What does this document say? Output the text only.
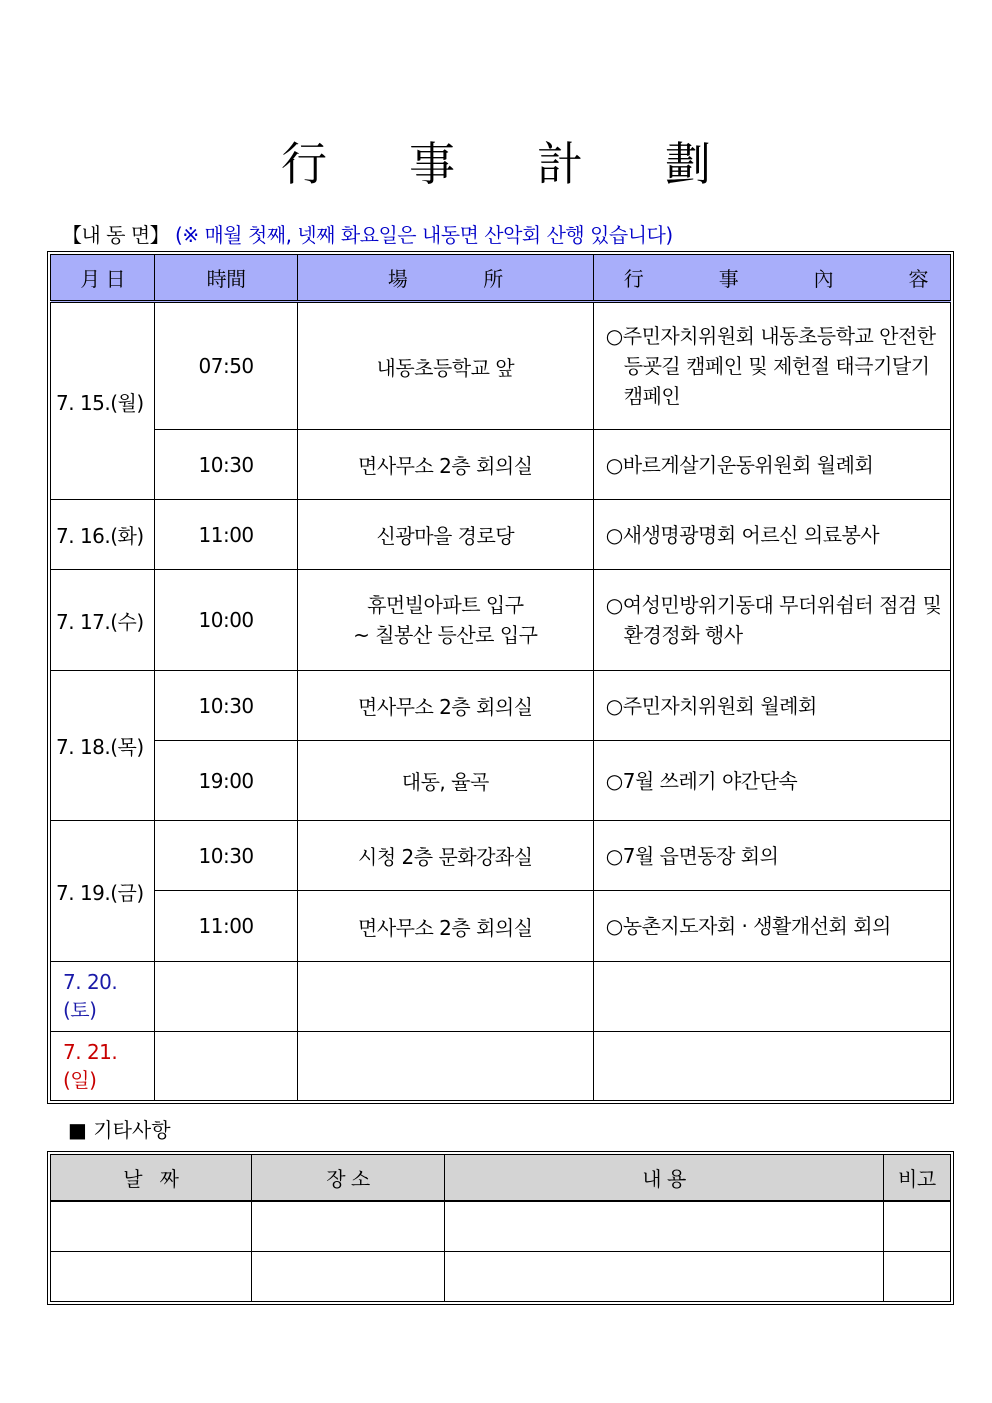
行 事 計 劃
【내 동 면】 (※ 매월 첫째, 넷째 화요일은 내동면 산악회 산행 있습니다)
月 日	時間	場 所	行 事 內 容

7. 15.(월)	07:50	내동초등학교 앞	○주민자치위원회 내동초등학교 안전한 등굣길 캠페인 및 제헌절 태극기달기 캠페인

	10:30	면사무소 2층 회의실	○바르게살기운동위원회 월례회

7. 16.(화)	11:00	신광마을 경로당	○새생명광명회 어르신 의료봉사

7. 17.(수)	10:00	휴먼빌아파트 입구
~ 칠봉산 등산로 입구	○여성민방위기동대 무더위쉼터 점검 및 환경정화 행사

7. 18.(목)	10:30	면사무소 2층 회의실	○주민자치위원회 월례회

	19:00	대동, 율곡	○7월 쓰레기 야간단속

7. 19.(금)	10:30	시청 2층 문화강좌실	○7월 읍면동장 회의

	11:00	면사무소 2층 회의실	○농촌지도자회 · 생활개선회 회의

7. 20.(토)			
7. 21.(일)			
■ 기타사항
날   짜	장 소	내 용	비고
